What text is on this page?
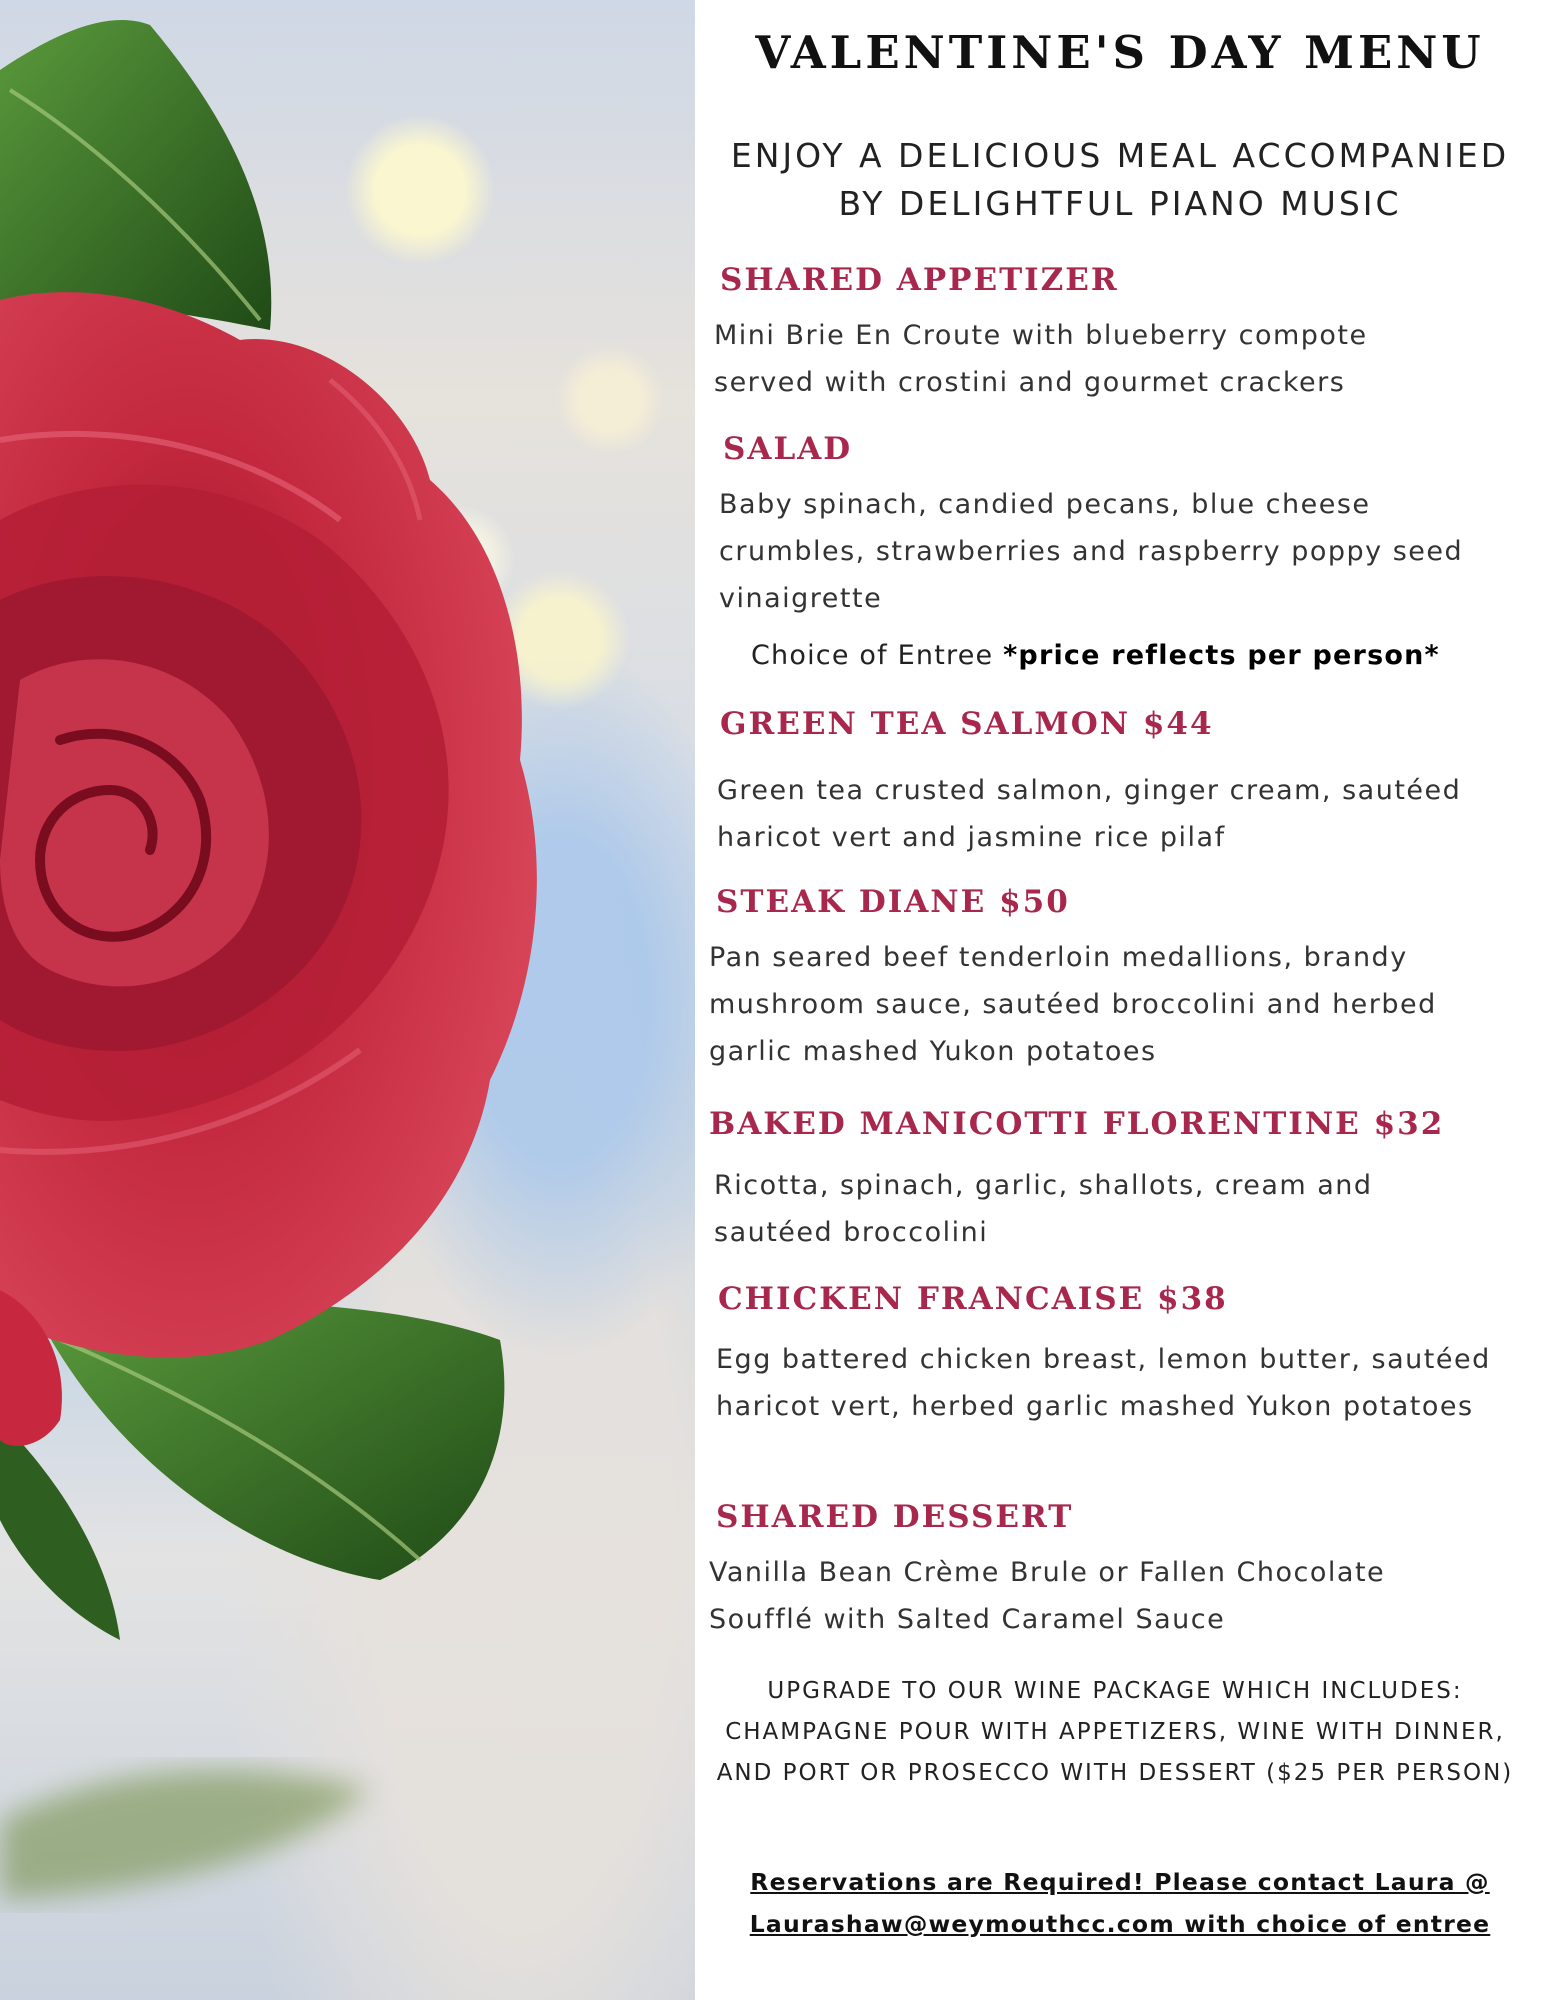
VALENTINE'S DAY MENU
ENJOY A DELICIOUS MEAL ACCOMPANIED
BY DELIGHTFUL PIANO MUSIC
SHARED APPETIZER
Mini Brie En Croute with blueberry compote served with crostini and gourmet crackers
SALAD
Baby spinach, candied pecans, blue cheese crumbles, strawberries and raspberry poppy seed vinaigrette
Choice of Entree *price reflects per person*
GREEN TEA SALMON $44
Green tea crusted salmon, ginger cream, sautéed haricot vert and jasmine rice pilaf
STEAK DIANE $50
Pan seared beef tenderloin medallions, brandy mushroom sauce, sautéed broccolini and herbed garlic mashed Yukon potatoes
BAKED MANICOTTI FLORENTINE $32
Ricotta, spinach, garlic, shallots, cream and sautéed broccolini
CHICKEN FRANCAISE $38
Egg battered chicken breast, lemon butter, sautéed haricot vert, herbed garlic mashed Yukon potatoes
SHARED DESSERT
Vanilla Bean Crème Brule or Fallen Chocolate Soufflé with Salted Caramel Sauce
UPGRADE TO OUR WINE PACKAGE WHICH INCLUDES: CHAMPAGNE POUR WITH APPETIZERS, WINE WITH DINNER, AND PORT OR PROSECCO WITH DESSERT ($25 PER PERSON)
Reservations are Required! Please contact Laura @
Laurashaw@weymouthcc.com with choice of entree
